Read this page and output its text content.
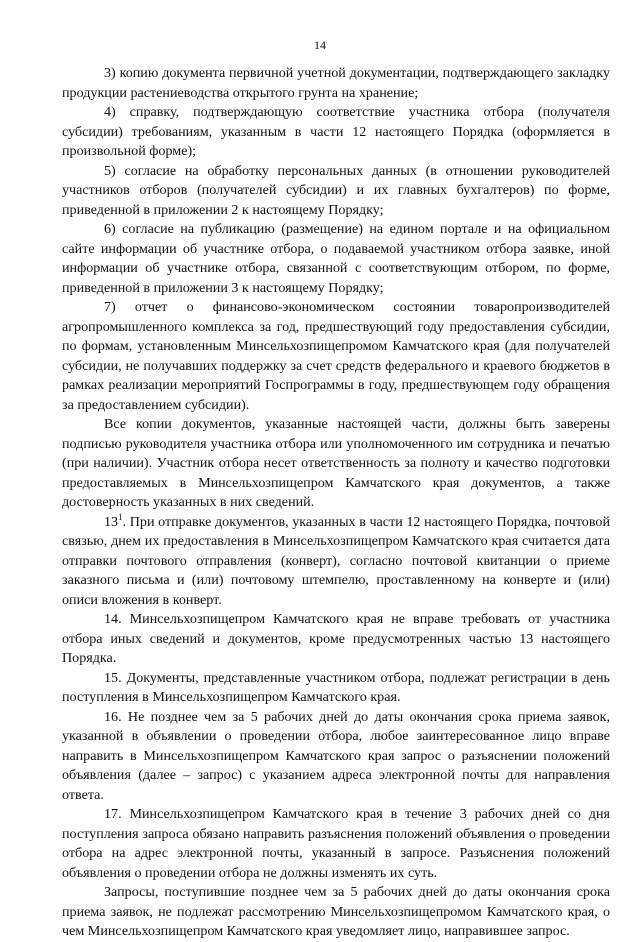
14

3) копию документа первичной учетной документации, подтверждающего закладку продукции растениеводства открытого грунта на хранение;

4) справку, подтверждающую соответствие участника отбора (получателя субсидии) требованиям, указанным в части 12 настоящего Порядка (оформляется в произвольной форме);

5) согласие на обработку персональных данных (в отношении руководителей участников отборов (получателей субсидии) и их главных бухгалтеров) по форме, приведенной в приложении 2 к настоящему Порядку;

6) согласие на публикацию (размещение) на едином портале и на официальном сайте информации об участнике отбора, о подаваемой участником отбора заявке, иной информации об участнике отбора, связанной с соответствующим отбором, по форме, приведенной в приложении 3 к настоящему Порядку;

7) отчет о финансово-экономическом состоянии товаропроизводителей агропромышленного комплекса за год, предшествующий году предоставления субсидии, по формам, установленным Минсельхозпищепромом Камчатского края (для получателей субсидии, не получавших поддержку за счет средств федерального и краевого бюджетов в рамках реализации мероприятий Госпрограммы в году, предшествующем году обращения за предоставлением субсидии).

Все копии документов, указанные настоящей части, должны быть заверены подписью руководителя участника отбора или уполномоченного им сотрудника и печатью (при наличии). Участник отбора несет ответственность за полноту и качество подготовки предоставляемых в Минсельхозпищепром Камчатского края документов, а также достоверность указанных в них сведений.

$13^1$. При отправке документов, указанных в части 12 настоящего Порядка, почтовой связью, днем их предоставления в Минсельхозпищепром Камчатского края считается дата отправки почтового отправления (конверт), согласно почтовой квитанции о приеме заказного письма и (или) почтовому штемпелю, проставленному на конверте и (или) описи вложения в конверт.

14. Минсельхозпищепром Камчатского края не вправе требовать от участника отбора иных сведений и документов, кроме предусмотренных частью 13 настоящего Порядка.

15. Документы, представленные участником отбора, подлежат регистрации в день поступления в Минсельхозпищепром Камчатского края.

16. Не позднее чем за 5 рабочих дней до даты окончания срока приема заявок, указанной в объявлении о проведении отбора, любое заинтересованное лицо вправе направить в Минсельхозпищепром Камчатского края запрос о разъяснении положений объявления (далее – запрос) с указанием адреса электронной почты для направления ответа.

17. Минсельхозпищепром Камчатского края в течение 3 рабочих дней со дня поступления запроса обязано направить разъяснения положений объявления о проведении отбора на адрес электронной почты, указанный в запросе. Разъяснения положений объявления о проведении отбора не должны изменять их суть.

Запросы, поступившие позднее чем за 5 рабочих дней до даты окончания срока приема заявок, не подлежат рассмотрению Минсельхозпищепромом Камчатского края, о чем Минсельхозпищепром Камчатского края уведомляет лицо, направившее запрос.
